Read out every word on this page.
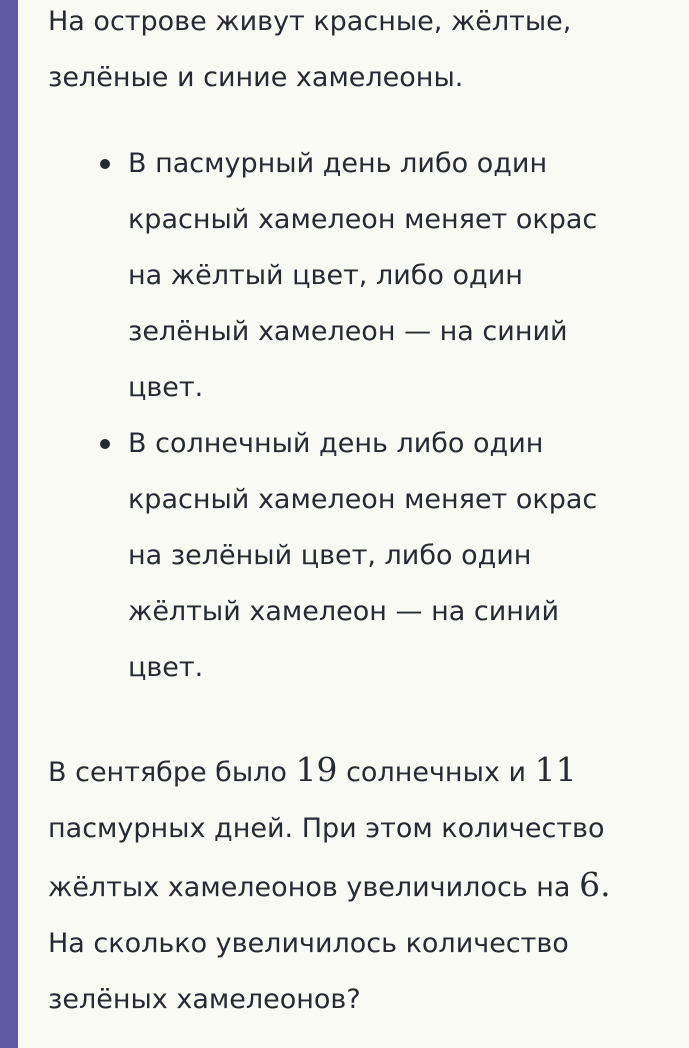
На острове живут красные, жёлтые,
зелёные и синие хамелеоны.

В пасмурный день либо один
красный хамелеон меняет окрас
на жёлтый цвет, либо один
зелёный хамелеон — на синий
цвет.
В солнечный день либо один
красный хамелеон меняет окрас
на зелёный цвет, либо один
жёлтый хамелеон — на синий
цвет.

В сентябре было 19 солнечных и 11
пасмурных дней. При этом количество
жёлтых хамелеонов увеличилось на 6.
На сколько увеличилось количество
зелёных хамелеонов?
